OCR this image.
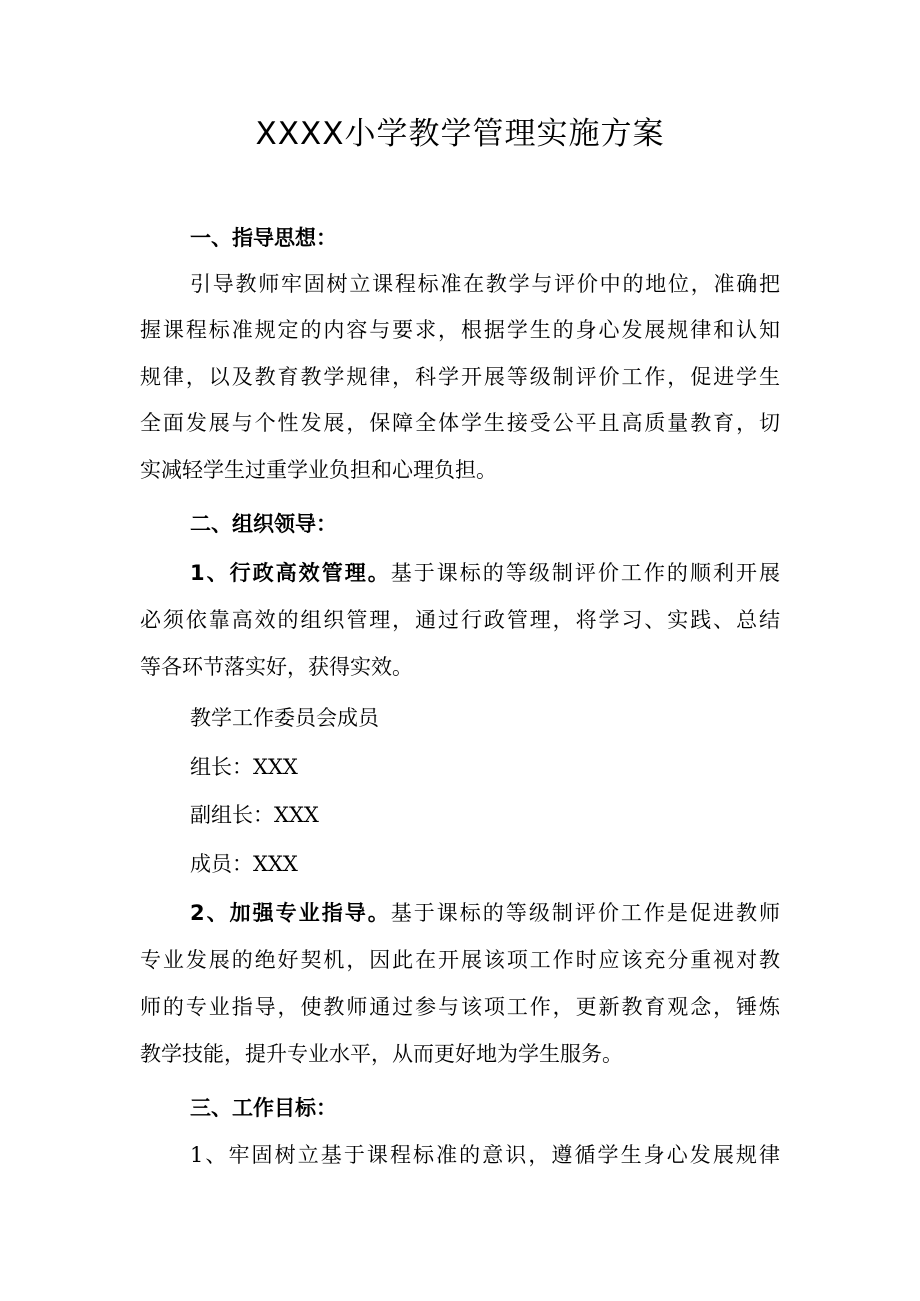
XXXX小学教学管理实施方案
一、指导思想：
引导教师牢固树立课程标准在教学与评价中的地位，准确把
握课程标准规定的内容与要求，根据学生的身心发展规律和认知
规律，以及教育教学规律，科学开展等级制评价工作，促进学生
全面发展与个性发展，保障全体学生接受公平且高质量教育，切
实减轻学生过重学业负担和心理负担。
二、组织领导：
1、行政高效管理。基于课标的等级制评价工作的顺利开展
必须依靠高效的组织管理，通过行政管理，将学习、实践、总结
等各环节落实好，获得实效。
教学工作委员会成员
组长：XXX
副组长：XXX
成员：XXX
2、加强专业指导。基于课标的等级制评价工作是促进教师
专业发展的绝好契机，因此在开展该项工作时应该充分重视对教
师的专业指导，使教师通过参与该项工作，更新教育观念，锤炼
教学技能，提升专业水平，从而更好地为学生服务。
三、工作目标：
1、牢固树立基于课程标准的意识，遵循学生身心发展规律
